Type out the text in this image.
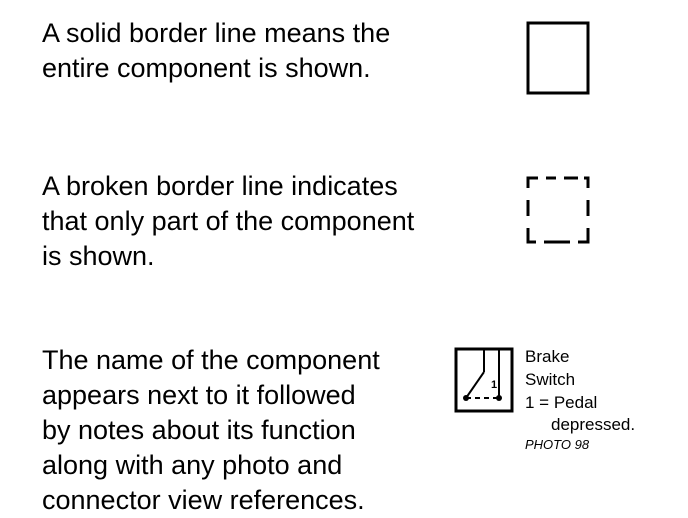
A solid border line means the
entire component is shown.
A broken border line indicates
that only part of the component
is shown.
The name of the component
appears next to it followed
by notes about its function
along with any photo and
connector view references.
1
Brake
Switch
1 = Pedal
depressed.
PHOTO 98
